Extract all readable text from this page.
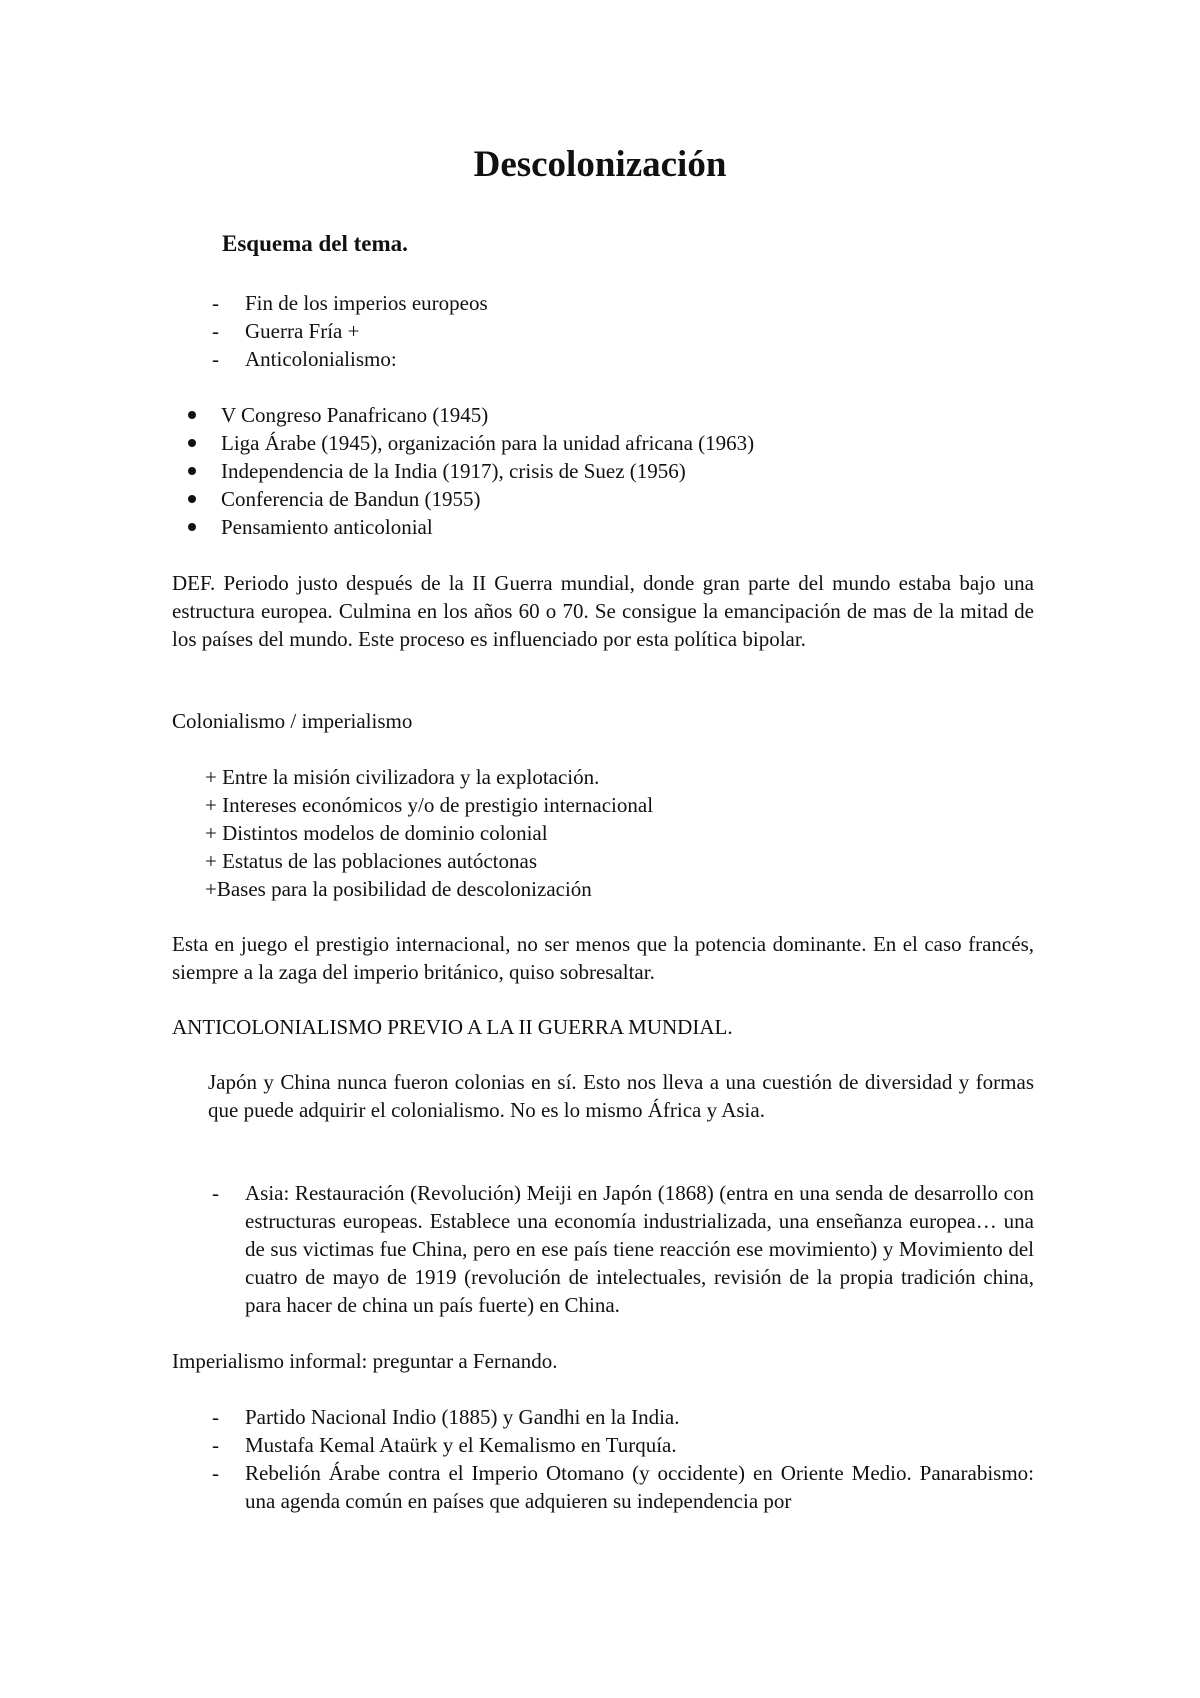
Descolonización
Esquema del tema.
- Fin de los imperios europeos
- Guerra Fría +
- Anticolonialismo:
V Congreso Panafricano (1945)
Liga Árabe (1945), organización para la unidad africana (1963)
Independencia de la India (1917), crisis de Suez (1956)
Conferencia de Bandun (1955)
Pensamiento anticolonial
DEF. Periodo justo después de la II Guerra mundial, donde gran parte del mundo estaba bajo una estructura europea. Culmina en los años 60 o 70. Se consigue la emancipación de mas de la mitad de los países del mundo. Este proceso es influenciado por esta política bipolar.
Colonialismo / imperialismo
+ Entre la misión civilizadora y la explotación.
+ Intereses económicos y/o de prestigio internacional
+ Distintos modelos de dominio colonial
+ Estatus de las poblaciones autóctonas
+Bases para la posibilidad de descolonización
Esta en juego el prestigio internacional, no ser menos que la potencia dominante. En el caso francés, siempre a la zaga del imperio británico, quiso sobresaltar.
ANTICOLONIALISMO PREVIO A LA II GUERRA MUNDIAL.
Japón y China nunca fueron colonias en sí. Esto nos lleva a una cuestión de diversidad y formas que puede adquirir el colonialismo. No es lo mismo África y Asia.
- Asia: Restauración (Revolución) Meiji en Japón (1868) (entra en una senda de desarrollo con estructuras europeas. Establece una economía industrializada, una enseñanza europea… una de sus victimas fue China, pero en ese país tiene reacción ese movimiento) y Movimiento del cuatro de mayo de 1919 (revolución de intelectuales, revisión de la propia tradición china, para hacer de china un país fuerte) en China.
Imperialismo informal: preguntar a Fernando.
- Partido Nacional Indio (1885) y Gandhi en la India.
- Mustafa Kemal Ataürk y el Kemalismo en Turquía.
- Rebelión Árabe contra el Imperio Otomano (y occidente) en Oriente Medio. Panarabismo: una agenda común en países que adquieren su independencia por
